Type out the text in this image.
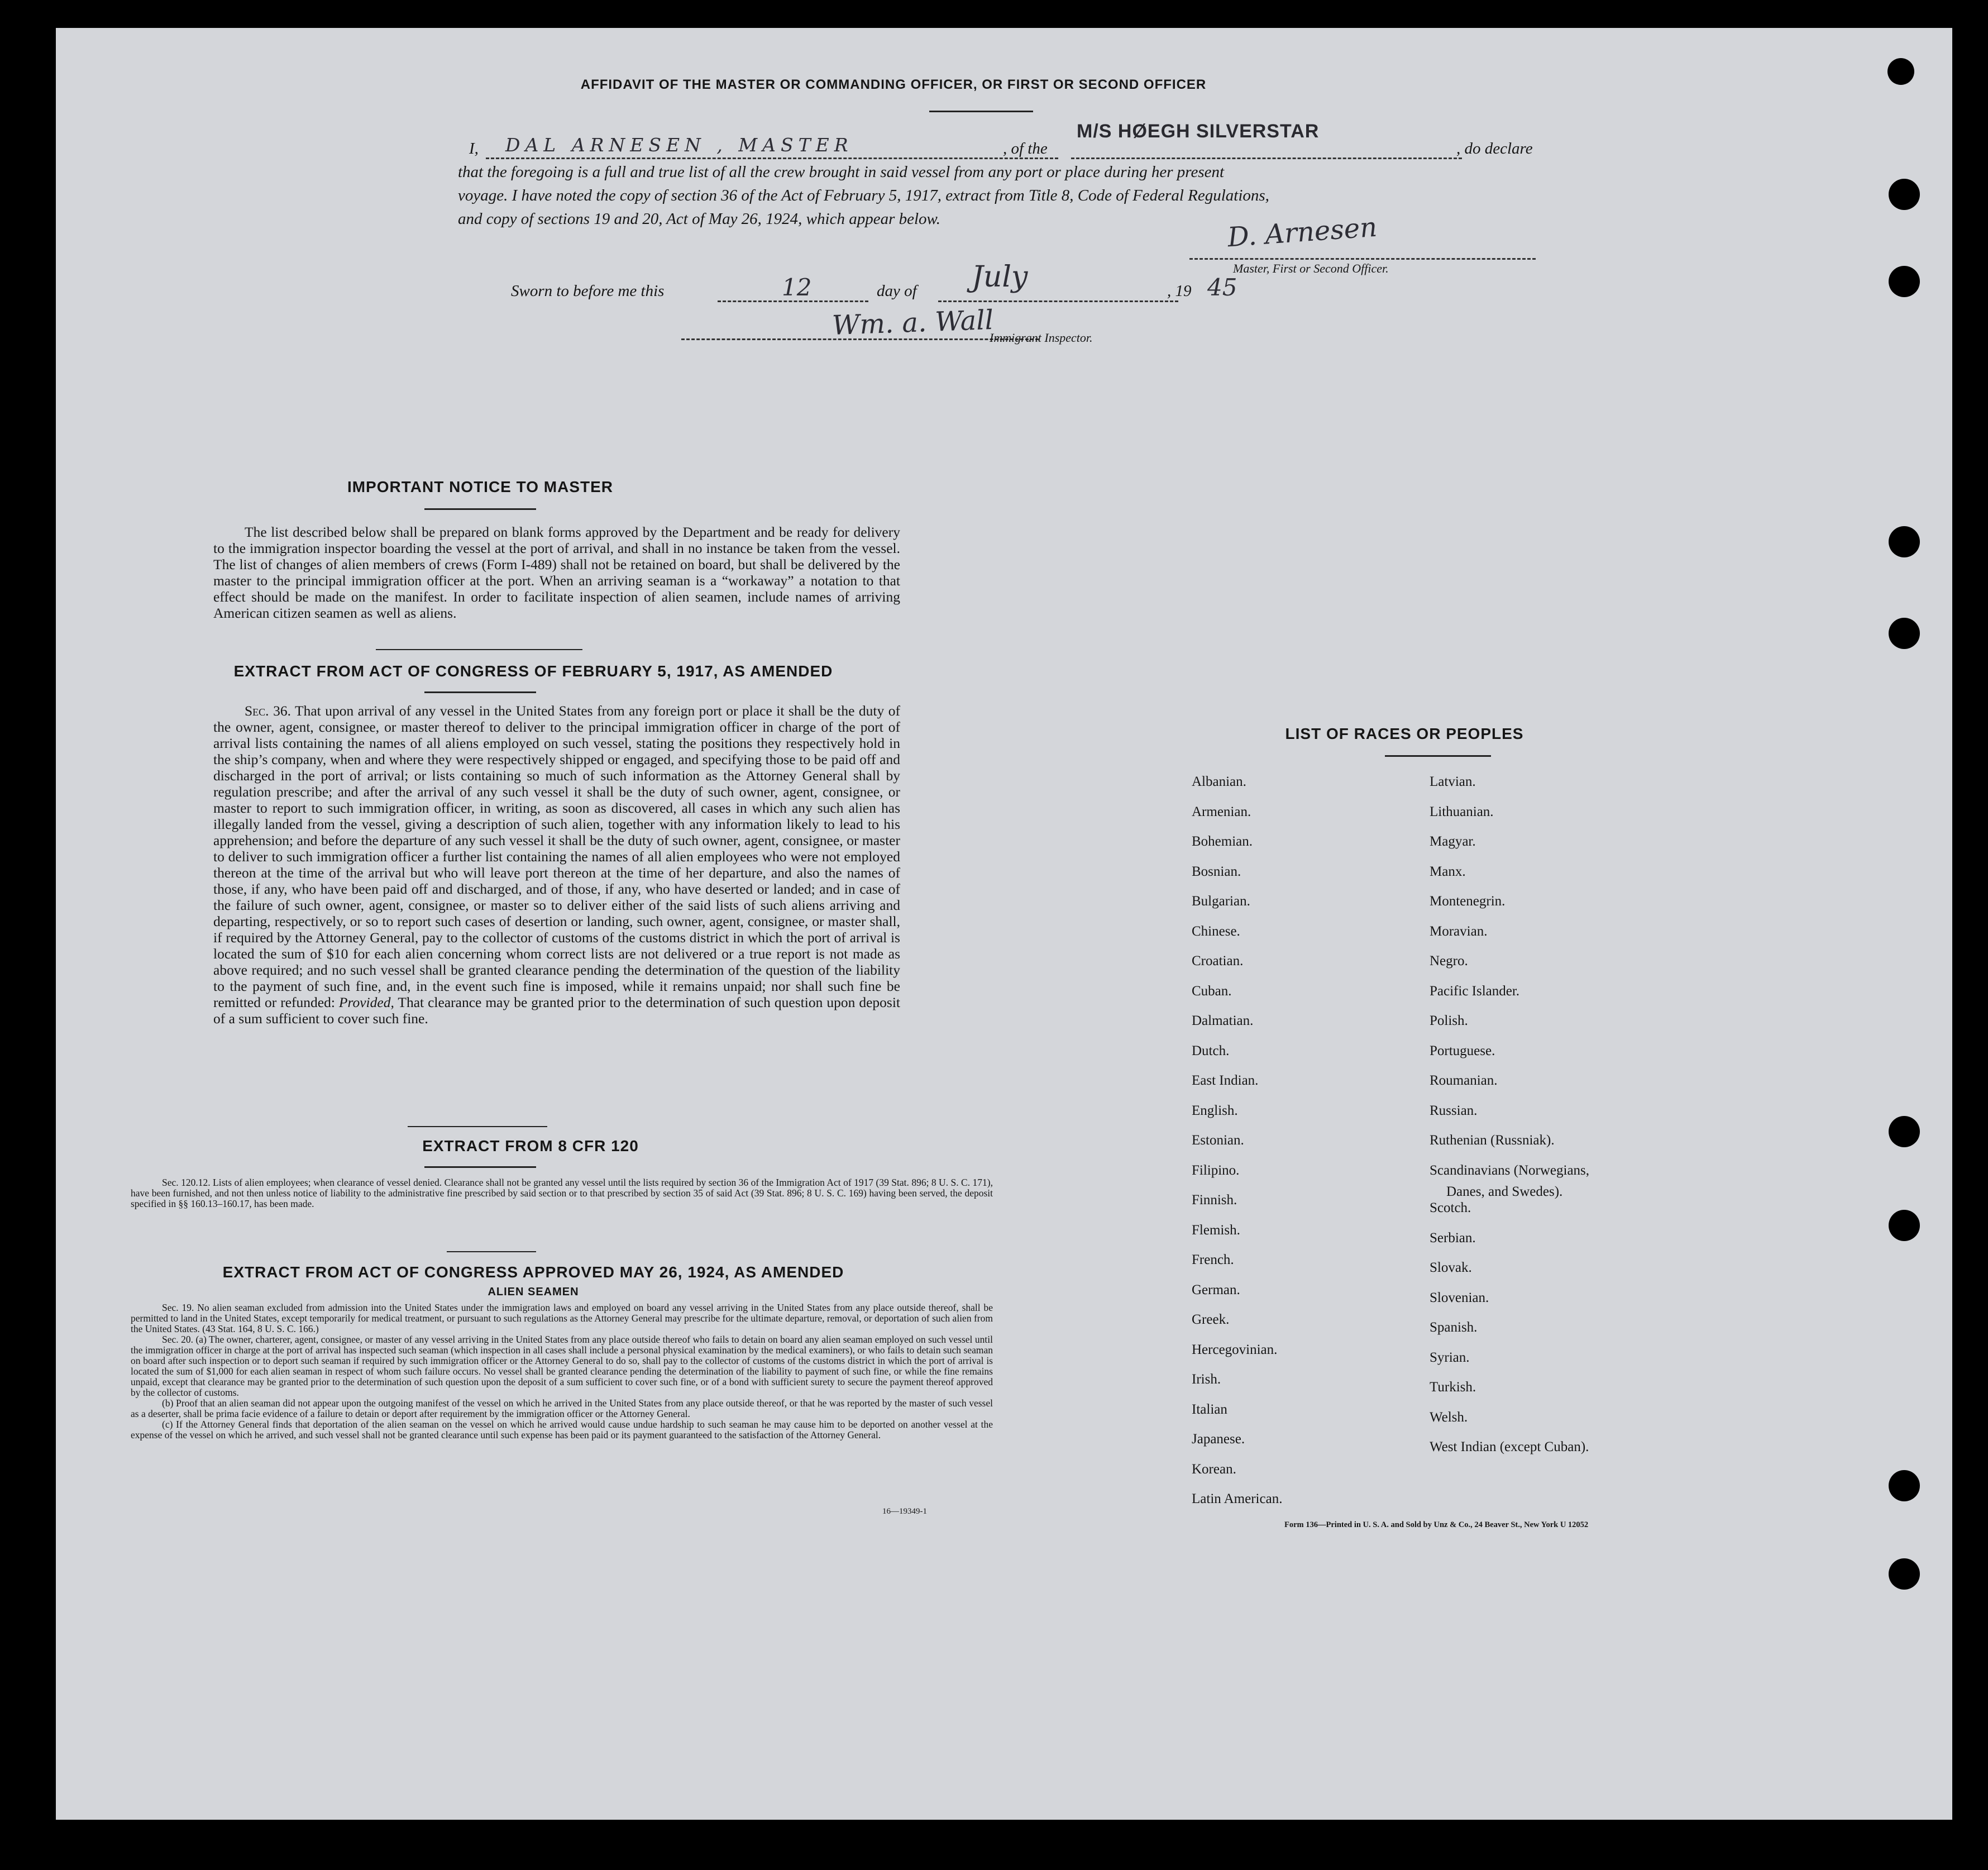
AFFIDAVIT OF THE MASTER OR COMMANDING OFFICER, OR FIRST OR SECOND OFFICER
I, DAL ARNESEN , MASTER	, of the
M/S HØEGH SILVERSTAR
, do declare
that the foregoing is a full and true list of all the crew brought in said vessel from any port or place during her present
voyage. I have noted the copy of section 36 of the Act of February 5, 1917, extract from Title 8, Code of Federal Regulations,
and copy of sections 19 and 20, Act of May 26, 1924, which appear below.	D. Arnesen
Master, First or Second Officer.
Sworn to before me this	12	day of July	, 19 45
Wm. a. Wall
Immigrant Inspector.
IMPORTANT NOTICE TO MASTER

The list described below shall be prepared on blank forms approved by the Department and be ready for delivery to the immigration inspector boarding the vessel at the port of arrival, and shall in no instance be taken from the vessel. The list of changes of alien members of crews (Form I-489) shall not be retained on board, but shall be delivered by the master to the principal immigration officer at the port. When an arriving seaman is a “workaway” a notation to that effect should be made on the manifest. In order to facilitate inspection of alien seamen, include names of arriving American citizen seamen as well as aliens.

EXTRACT FROM ACT OF CONGRESS OF FEBRUARY 5, 1917, AS AMENDED

Sec. 36. That upon arrival of any vessel in the United States from any foreign port or place it shall be the duty of the owner, agent, consignee, or master thereof to deliver to the principal immigration officer in charge of the port of arrival lists containing the names of all aliens employed on such vessel, stating the positions they respectively hold in the ship’s company, when and where they were respectively shipped or engaged, and specifying those to be paid off and discharged in the port of arrival; or lists containing so much of such information as the Attorney General shall by regulation prescribe; and after the arrival of any such vessel it shall be the duty of such owner, agent, consignee, or master to report to such immigration officer, in writing, as soon as discovered, all cases in which any such alien has illegally landed from the vessel, giving a description of such alien, together with any information likely to lead to his apprehension; and before the departure of any such vessel it shall be the duty of such owner, agent, consignee, or master to deliver to such immigration officer a further list containing the names of all alien employees who were not employed thereon at the time of the arrival but who will leave port thereon at the time of her departure, and also the names of those, if any, who have been paid off and discharged, and of those, if any, who have deserted or landed; and in case of the failure of such owner, agent, consignee, or master so to deliver either of the said lists of such aliens arriving and departing, respectively, or so to report such cases of desertion or landing, such owner, agent, consignee, or master shall, if required by the Attorney General, pay to the collector of customs of the customs district in which the port of arrival is located the sum of $10 for each alien concerning whom correct lists are not delivered or a true report is not made as above required; and no such vessel shall be granted clearance pending the determination of the question of the liability to the payment of such fine, and, in the event such fine is imposed, while it remains unpaid; nor shall such fine be remitted or refunded: Provided, That clearance may be granted prior to the determination of such question upon deposit of a sum sufficient to cover such fine.

EXTRACT FROM 8 CFR 120

Sec. 120.12. Lists of alien employees; when clearance of vessel denied. Clearance shall not be granted any vessel until the lists required by section 36 of the Immigration Act of 1917 (39 Stat. 896; 8 U. S. C. 171), have been furnished, and not then unless notice of liability to the administrative fine prescribed by said section or to that prescribed by section 35 of said Act (39 Stat. 896; 8 U. S. C. 169) having been served, the deposit specified in §§ 160.13–160.17, has been made.

EXTRACT FROM ACT OF CONGRESS APPROVED MAY 26, 1924, AS AMENDED
ALIEN SEAMEN

Sec. 19. No alien seaman excluded from admission into the United States under the immigration laws and employed on board any vessel arriving in the United States from any place outside thereof, shall be permitted to land in the United States, except temporarily for medical treatment, or pursuant to such regulations as the Attorney General may prescribe for the ultimate departure, removal, or deportation of such alien from the United States. (43 Stat. 164, 8 U. S. C. 166.)

Sec. 20. (a) The owner, charterer, agent, consignee, or master of any vessel arriving in the United States from any place outside thereof who fails to detain on board any alien seaman employed on such vessel until the immigration officer in charge at the port of arrival has inspected such seaman (which inspection in all cases shall include a personal physical examination by the medical examiners), or who fails to detain such seaman on board after such inspection or to deport such seaman if required by such immigration officer or the Attorney General to do so, shall pay to the collector of customs of the customs district in which the port of arrival is located the sum of $1,000 for each alien seaman in respect of whom such failure occurs. No vessel shall be granted clearance pending the determination of the liability to payment of such fine, or while the fine remains unpaid, except that clearance may be granted prior to the determination of such question upon the deposit of a sum sufficient to cover such fine, or of a bond with sufficient surety to secure the payment thereof approved by the collector of customs.

(b) Proof that an alien seaman did not appear upon the outgoing manifest of the vessel on which he arrived in the United States from any place outside thereof, or that he was reported by the master of such vessel as a deserter, shall be prima facie evidence of a failure to detain or deport after requirement by the immigration officer or the Attorney General.

(c) If the Attorney General finds that deportation of the alien seaman on the vessel on which he arrived would cause undue hardship to such seaman he may cause him to be deported on another vessel at the expense of the vessel on which he arrived, and such vessel shall not be granted clearance until such expense has been paid or its payment guaranteed to the satisfaction of the Attorney General.

16—19349-1
LIST OF RACES OR PEOPLES
Albanian.
Armenian.
Bohemian.
Bosnian.
Bulgarian.
Chinese.
Croatian.
Cuban.
Dalmatian.
Dutch.
East Indian.
English.
Estonian.
Filipino.
Finnish.
Flemish.
French.
German.
Greek.
Hercegovinian.
Irish.
Italian
Japanese.
Korean.
Latin American.
Latvian.
Lithuanian.
Magyar.
Manx.
Montenegrin.
Moravian.
Negro.
Pacific Islander.
Polish.
Portuguese.
Roumanian.
Russian.
Ruthenian (Russniak).
Scandinavians (Norwegians,
Scotch.
Serbian.
Slovak.
Slovenian.
Spanish.
Syrian.
Turkish.
Welsh.
West Indian (except Cuban).
Danes, and Swedes).
Form 136—Printed in U. S. A. and Sold by Unz & Co., 24 Beaver St., New York U 12052
